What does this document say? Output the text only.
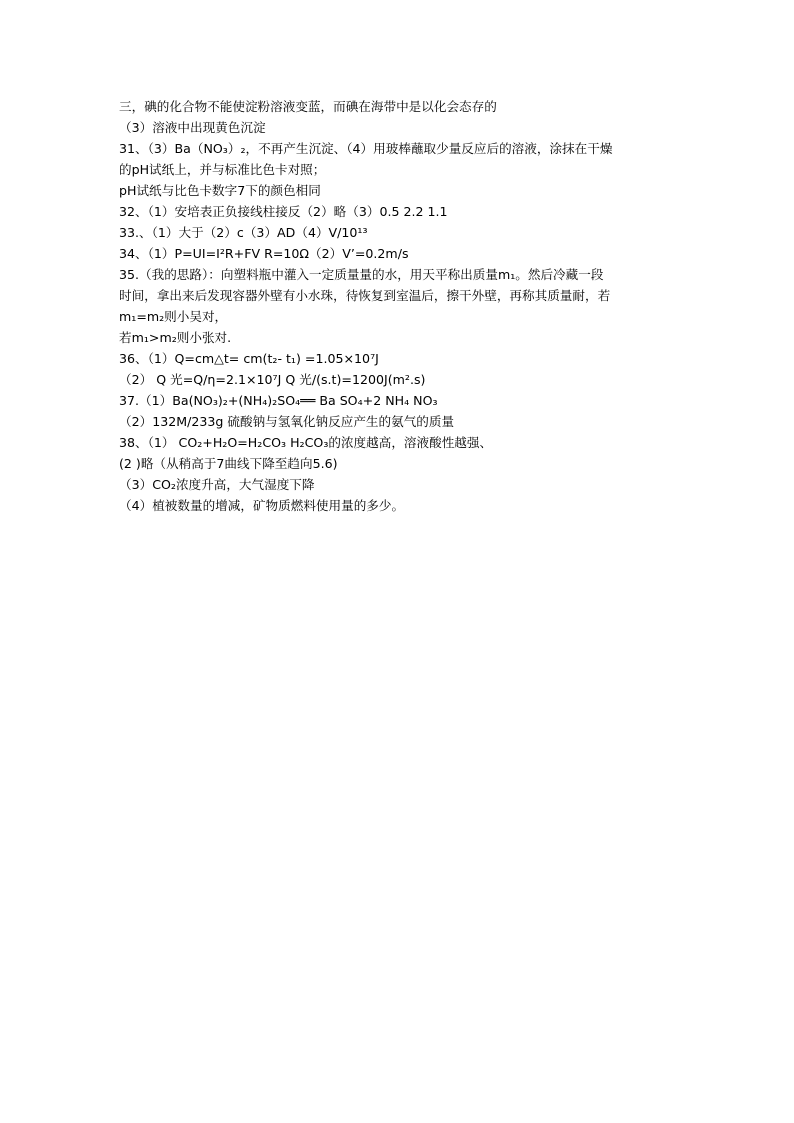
三，碘的化合物不能使淀粉溶液变蓝，而碘在海带中是以化会态存的
（3）溶液中出现黄色沉淀
31、（3）Ba（NO₃）₂，不再产生沉淀、（4）用玻棒蘸取少量反应后的溶液，涂抹在干燥
的pH试纸上，并与标准比色卡对照；
pH试纸与比色卡数字7下的颜色相同
32、（1）安培表正负接线柱接反（2）略（3）0.5 2.2 1.1
33.、（1）大于（2）c（3）AD（4）V/10¹³
34、（1）P=UI=I²R+FV R=10Ω（2）V’=0.2m/s
35.（我的思路）：向塑料瓶中灌入一定质量量的水，用天平称出质量m₁。然后冷藏一段
时间，拿出来后发现容器外壁有小水珠，待恢复到室温后，擦干外壁，再称其质量耐，若
m₁=m₂则小吴对，
若m₁>m₂则小张对.
36、（1）Q=cm△t= cm(t₂- t₁) =1.05×10⁷J
（2） Q 光=Q/η=2.1×10⁷J Q 光/(s.t)=1200J(m².s)
37.（1）Ba(NO₃)₂+(NH₄)₂SO₄══ Ba SO₄+2 NH₄ NO₃
（2）132M/233g 硫酸钠与氢氧化钠反应产生的氨气的质量
38、（1） CO₂+H₂O=H₂CO₃ H₂CO₃的浓度越高，溶液酸性越强、
(2 )略（从稍高于7曲线下降至趋向5.6)
（3）CO₂浓度升高，大气湿度下降
（4）植被数量的增减，矿物质燃料使用量的多少。
